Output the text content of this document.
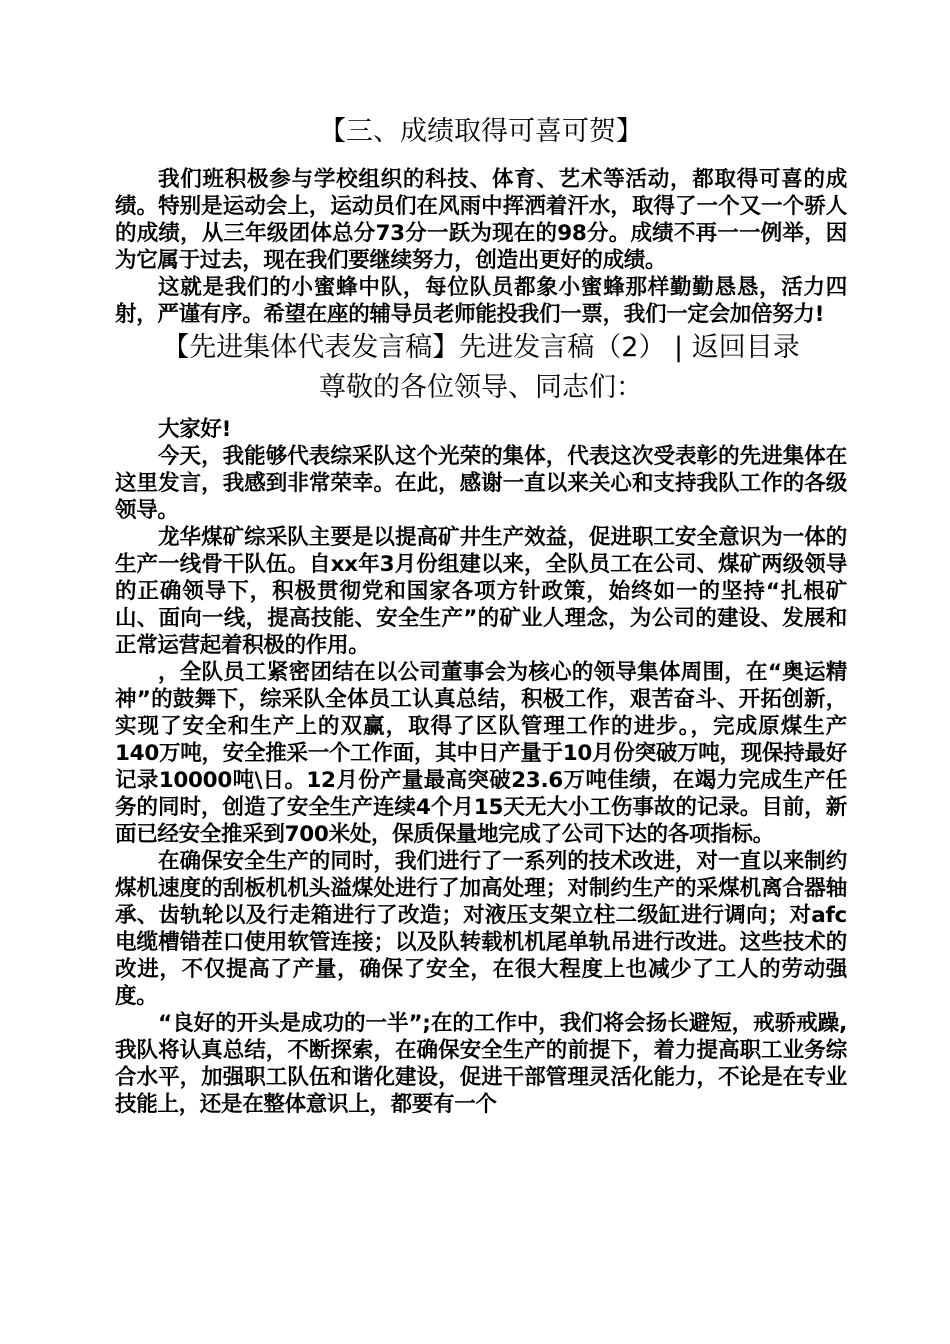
【三、成绩取得可喜可贺】

我们班积极参与学校组织的科技、体育、艺术等活动，都取得可喜的成绩。特别是运动会上，运动员们在风雨中挥洒着汗水，取得了一个又一个骄人的成绩，从三年级团体总分73分一跃为现在的98分。成绩不再一一例举，因为它属于过去，现在我们要继续努力，创造出更好的成绩。

这就是我们的小蜜蜂中队，每位队员都象小蜜蜂那样勤勤恳恳，活力四射，严谨有序。希望在座的辅导员老师能投我们一票，我们一定会加倍努力!

【先进集体代表发言稿】先进发言稿（2） | 返回目录
尊敬的各位领导、同志们：

大家好!

今天，我能够代表综采队这个光荣的集体，代表这次受表彰的先进集体在这里发言，我感到非常荣幸。在此，感谢一直以来关心和支持我队工作的各级领导。

龙华煤矿综采队主要是以提高矿井生产效益，促进职工安全意识为一体的生产一线骨干队伍。自xx年3月份组建以来，全队员工在公司、煤矿两级领导的正确领导下，积极贯彻党和国家各项方针政策，始终如一的坚持“扎根矿山、面向一线，提高技能、安全生产”的矿业人理念，为公司的建设、发展和正常运营起着积极的作用。

，全队员工紧密团结在以公司董事会为核心的领导集体周围，在“奥运精神”的鼓舞下，综采队全体员工认真总结，积极工作，艰苦奋斗、开拓创新，实现了安全和生产上的双赢，取得了区队管理工作的进步。，完成原煤生产140万吨，安全推采一个工作面，其中日产量于10月份突破万吨，现保持最好记录10000吨\日。12月份产量最高突破23.6万吨佳绩，在竭力完成生产任务的同时，创造了安全生产连续4个月15天无大小工伤事故的记录。目前，新面已经安全推采到700米处，保质保量地完成了公司下达的各项指标。

在确保安全生产的同时，我们进行了一系列的技术改进，对一直以来制约煤机速度的刮板机机头溢煤处进行了加高处理；对制约生产的采煤机离合器轴承、齿轨轮以及行走箱进行了改造；对液压支架立柱二级缸进行调向；对afc电缆槽错茬口使用软管连接；以及队转载机机尾单轨吊进行改进。这些技术的改进，不仅提高了产量，确保了安全，在很大程度上也减少了工人的劳动强度。

“良好的开头是成功的一半”;在的工作中，我们将会扬长避短，戒骄戒躁,我队将认真总结，不断探索，在确保安全生产的前提下，着力提高职工业务综合水平，加强职工队伍和谐化建设，促进干部管理灵活化能力，不论是在专业技能上，还是在整体意识上，都要有一个
